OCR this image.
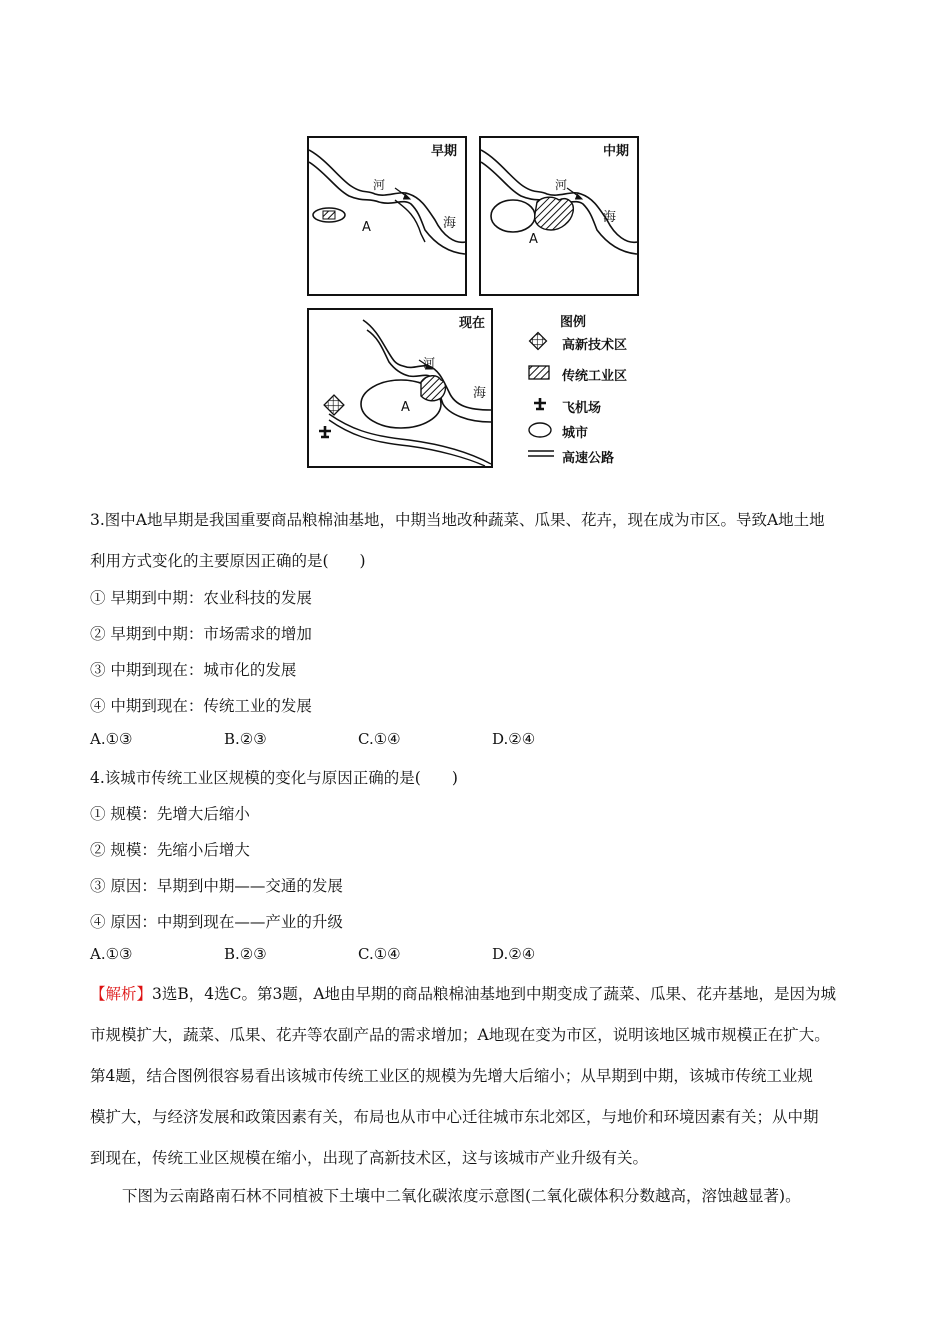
早期
河
海
A
中期
河
海
A
现在
河
海
A
图例
高新技术区
传统工业区
飞机场
城市
高速公路
3.图中A地早期是我国重要商品粮棉油基地，中期当地改种蔬菜、瓜果、花卉，现在成为市区。导致A地土地
利用方式变化的主要原因正确的是(　　)
① 早期到中期：农业科技的发展
② 早期到中期：市场需求的增加
③ 中期到现在：城市化的发展
④ 中期到现在：传统工业的发展
A.①③	B.②③	C.①④	D.②④
4.该城市传统工业区规模的变化与原因正确的是(　　)
① 规模：先增大后缩小
② 规模：先缩小后增大
③ 原因：早期到中期——交通的发展
④ 原因：中期到现在——产业的升级
A.①③	B.②③	C.①④	D.②④
【解析】3选B，4选C。第3题，A地由早期的商品粮棉油基地到中期变成了蔬菜、瓜果、花卉基地，是因为城
市规模扩大，蔬菜、瓜果、花卉等农副产品的需求增加；A地现在变为市区，说明该地区城市规模正在扩大。
第4题，结合图例很容易看出该城市传统工业区的规模为先增大后缩小；从早期到中期，该城市传统工业规
模扩大，与经济发展和政策因素有关，布局也从市中心迁往城市东北郊区，与地价和环境因素有关；从中期
到现在，传统工业区规模在缩小，出现了高新技术区，这与该城市产业升级有关。
下图为云南路南石林不同植被下土壤中二氧化碳浓度示意图(二氧化碳体积分数越高，溶蚀越显著)。
